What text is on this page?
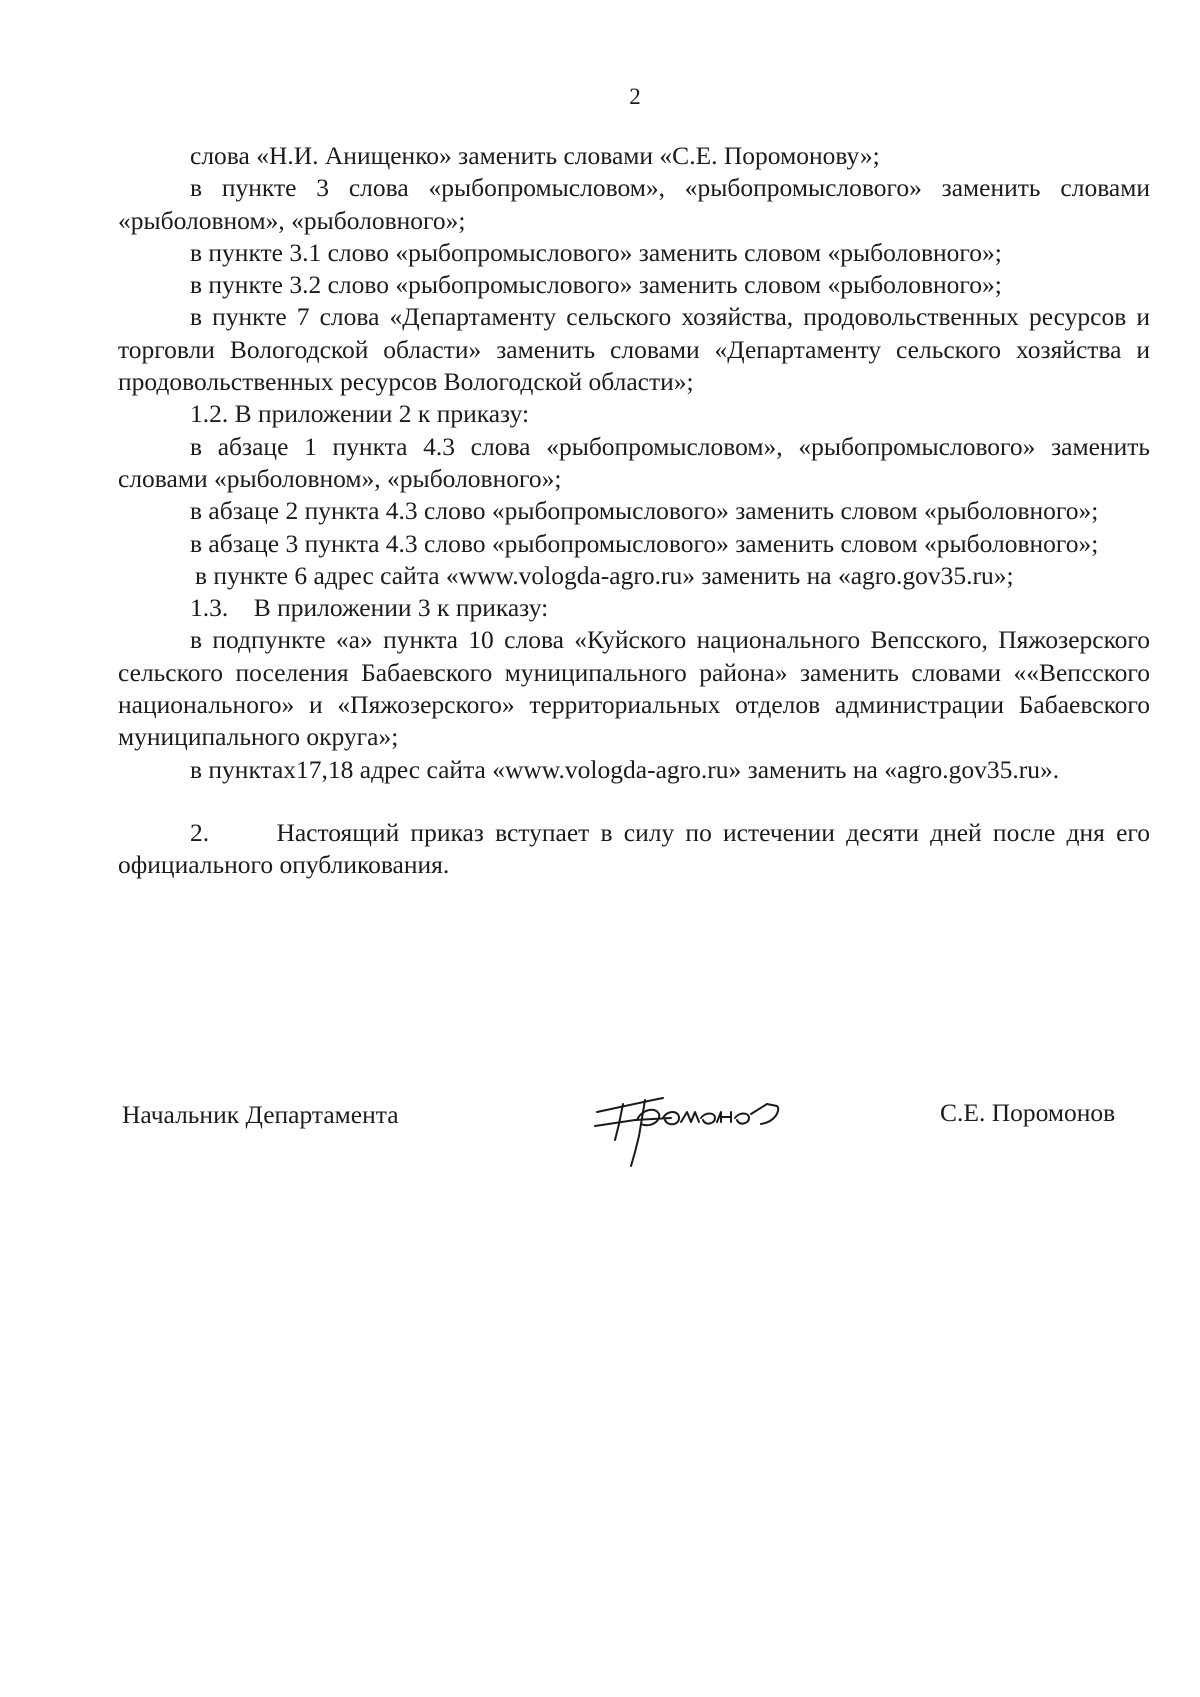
2

слова «Н.И. Анищенко» заменить словами «С.Е. Поромонову»;

в пункте 3 слова «рыбопромысловом», «рыбопромыслового» заменить словами «рыболовном», «рыболовного»;

в пункте 3.1 слово «рыбопромыслового» заменить словом «рыболовного»;

в пункте 3.2 слово «рыбопромыслового» заменить словом «рыболовного»;

в пункте 7 слова «Департаменту сельского хозяйства, продовольственных ресурсов и торговли Вологодской области» заменить словами «Департаменту сельского хозяйства и продовольственных ресурсов Вологодской области»;

1.2. В приложении 2 к приказу:

в абзаце 1 пункта 4.3 слова «рыбопромысловом», «рыбопромыслового» заменить словами «рыболовном», «рыболовного»;

в абзаце 2 пункта 4.3 слово «рыбопромыслового» заменить словом «рыболовного»;

в абзаце 3 пункта 4.3 слово «рыбопромыслового» заменить словом «рыболовного»;

в пункте 6 адрес сайта «www.vologda-agro.ru» заменить на «agro.gov35.ru»;

1.3.    В приложении 3 к приказу:

в подпункте «а» пункта 10 слова «Куйского национального Вепсского, Пяжозерского сельского поселения Бабаевского муниципального района» заменить словами ««Вепсского национального» и «Пяжозерского» территориальных отделов администрации Бабаевского муниципального округа»;

в пунктах17,18 адрес сайта «www.vologda-agro.ru» заменить на «agro.gov35.ru».

2.      Настоящий приказ вступает в силу по истечении десяти дней после дня его официального опубликования.

Начальник Департамента	С.Е. Поромонов
